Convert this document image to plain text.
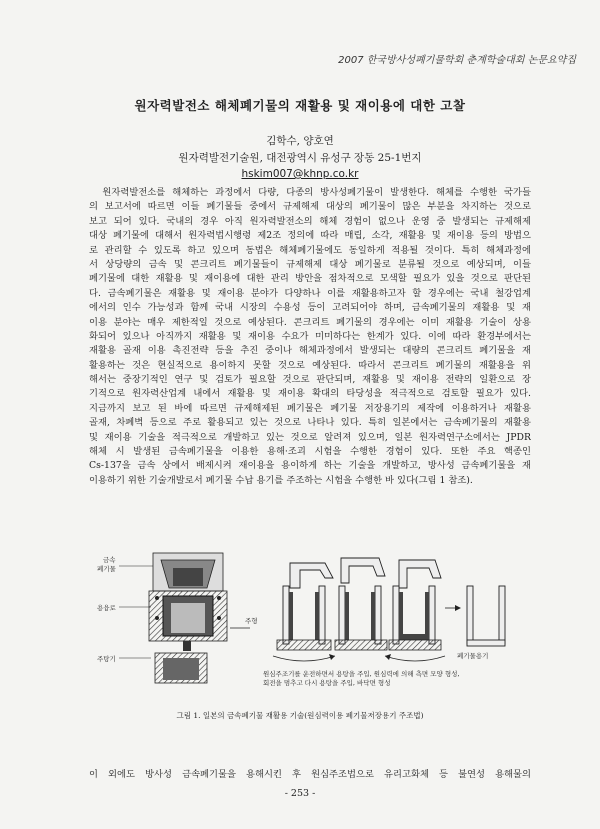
2007 한국방사성폐기물학회 춘계학술대회 논문요약집
원자력발전소 해체폐기물의 재활용 및 재이용에 대한 고찰
김학수, 양호연
원자력발전기술원, 대전광역시 유성구 장동 25-1번지
hskim007@khnp.co.kr
　원자력발전소를 해체하는 과정에서 다량, 다종의 방사성폐기물이 발생한다. 해체를 수행한 국가들
의 보고서에 따르면 이들 폐기물들 중에서 규제해제 대상의 폐기물이 많은 부분을 차지하는 것으로
보고 되어 있다. 국내의 경우 아직 원자력발전소의 해체 경험이 없으나 운영 중 발생되는 규제해제
대상 폐기물에 대해서 원자력법시행령 제2조 정의에 따라 매립, 소각, 재활용 및 재이용 등의 방법으
로 관리할 수 있도록 하고 있으며 동법은 해체폐기물에도 동일하게 적용될 것이다. 특히 해체과정에
서 상당량의 금속 및 콘크리트 폐기물들이 규제해제 대상 폐기물로 분류될 것으로 예상되며, 이들
폐기물에 대한 재활용 및 재이용에 대한 관리 방안을 점차적으로 모색할 필요가 있을 것으로 판단된
다. 금속폐기물은 재활용 및 재이용 분야가 다양하나 이를 재활용하고자 할 경우에는 국내 철강업계
에서의 인수 가능성과 함께 국내 시장의 수용성 등이 고려되어야 하며, 금속폐기물의 재활용 및 재
이용 분야는 매우 제한적일 것으로 예상된다. 콘크리트 폐기물의 경우에는 이미 재활용 기술이 상용
화되어 있으나 아직까지 재활용 및 재이용 수요가 미미하다는 한계가 있다. 이에 따라 환경부에서는
재활용 골재 이용 촉진전략 등을 추진 중이나 해체과정에서 발생되는 대량의 콘크리트 폐기물을 재
활용하는 것은 현실적으로 용이하지 못할 것으로 예상된다. 따라서 콘크리트 폐기물의 재활용을 위
해서는 중장기적인 연구 및 검토가 필요할 것으로 판단되며, 재활용 및 재이용 전략의 일환으로 장
기적으로 원자력산업계 내에서 재활용 및 재이용 확대의 타당성을 적극적으로 검토할 필요가 있다.
지금까지 보고 된 바에 따르면 규제해제된 폐기물은 폐기물 저장용기의 제작에 이용하거나 재활용
골재, 차폐벽 등으로 주로 활용되고 있는 것으로 나타나 있다. 특히 일본에서는 금속폐기물의 재활용
및 재이용 기술을 적극적으로 개발하고 있는 것으로 알려져 있으며, 일본 원자력연구소에서는 JPDR
해체 시 발생된 금속폐기물을 이용한 용해·조괴 시험을 수행한 경험이 있다. 또한 주요 핵종인
Cs-137을 금속 상에서 배제시켜 재이용을 용이하게 하는 기술을 개발하고, 방사성 금속폐기물을 재
이용하기 위한 기술개발로서 폐기물 수납 용기를 주조하는 시험을 수행한 바 있다(그림 1 참조).
금속
폐기물
용융로
주탕기
주형
폐기물용기
원심주조기를 운전하면서 용탕을 주입, 원심력에 의해 측면 모양 형성,
회전을 멈추고 다시 용탕을 주입, 바닥면 형성
그림 1. 일본의 금속폐기물 재활용 기술(원심력이용 폐기물저장용기 주조법)
이 외에도 방사성 금속폐기물을 용해시킨 후 원심주조법으로 유리고화체 등 불연성 용해물의
- 253 -
